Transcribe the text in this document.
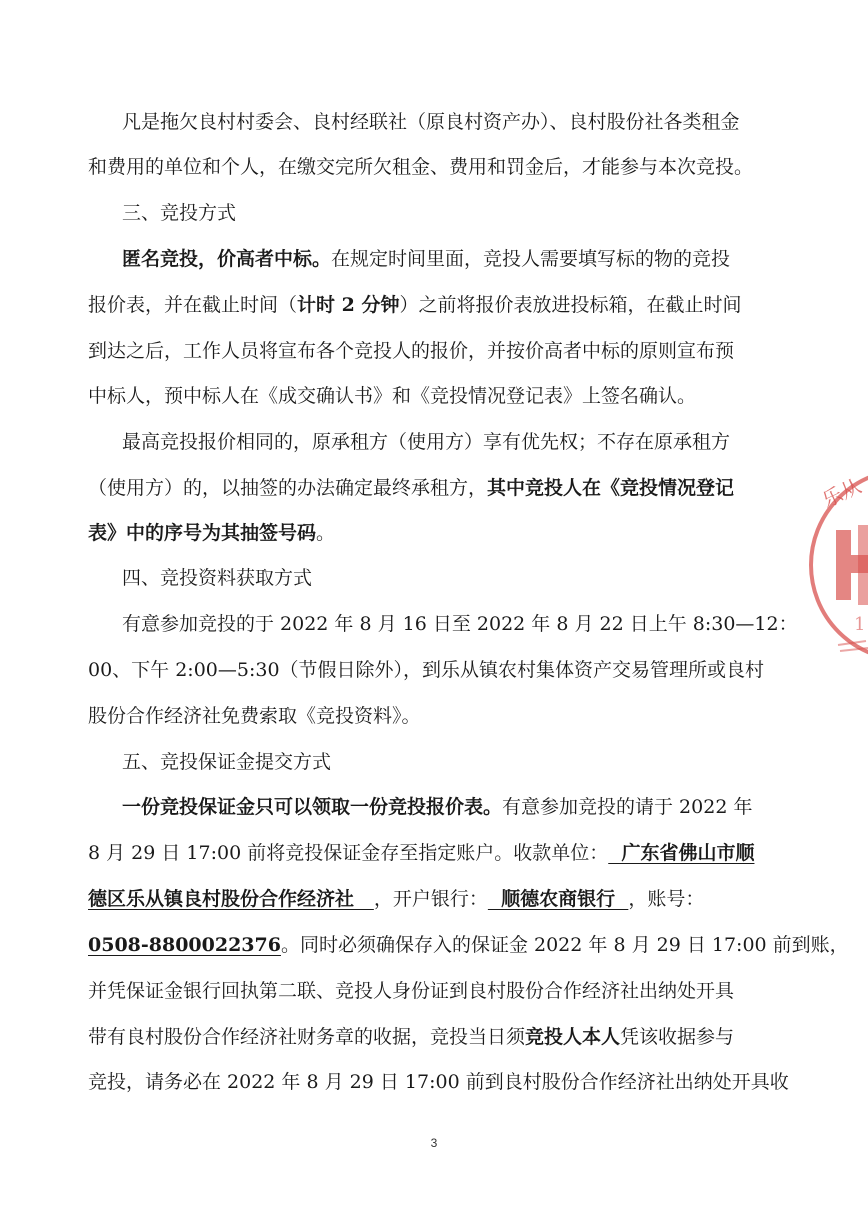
凡是拖欠良村村委会、良村经联社（原良村资产办）、良村股份社各类租金
和费用的单位和个人，在缴交完所欠租金、费用和罚金后，才能参与本次竞投。
三、竞投方式
匿名竞投，价高者中标。在规定时间里面，竞投人需要填写标的物的竞投
报价表，并在截止时间（计时 2 分钟）之前将报价表放进投标箱，在截止时间
到达之后，工作人员将宣布各个竞投人的报价，并按价高者中标的原则宣布预
中标人，预中标人在《成交确认书》和《竞投情况登记表》上签名确认。
最高竞投报价相同的，原承租方（使用方）享有优先权；不存在原承租方
（使用方）的，以抽签的办法确定最终承租方，其中竞投人在《竞投情况登记
表》中的序号为其抽签号码。
四、竞投资料获取方式
有意参加竞投的于 2022 年 8 月 16 日至 2022 年 8 月 22 日上午 8:30—12：
00、下午 2:00—5:30（节假日除外），到乐从镇农村集体资产交易管理所或良村
股份合作经济社免费索取《竞投资料》。
五、竞投保证金提交方式
一份竞投保证金只可以领取一份竞投报价表。有意参加竞投的请于 2022 年
8 月 29 日 17:00 前将竞投保证金存至指定账户。收款单位：  广东省佛山市顺
德区乐从镇良村股份合作经济社   ，开户银行：  顺德农商银行  ，账号：
0508-8800022376。同时必须确保存入的保证金 2022 年 8 月 29 日 17:00 前到账，
并凭保证金银行回执第二联、竞投人身份证到良村股份合作经济社出纳处开具
带有良村股份合作经济社财务章的收据，竞投当日须竞投人本人凭该收据参与
竞投，请务必在 2022 年 8 月 29 日 17:00 前到良村股份合作经济社出纳处开具收
3
乐从
1
